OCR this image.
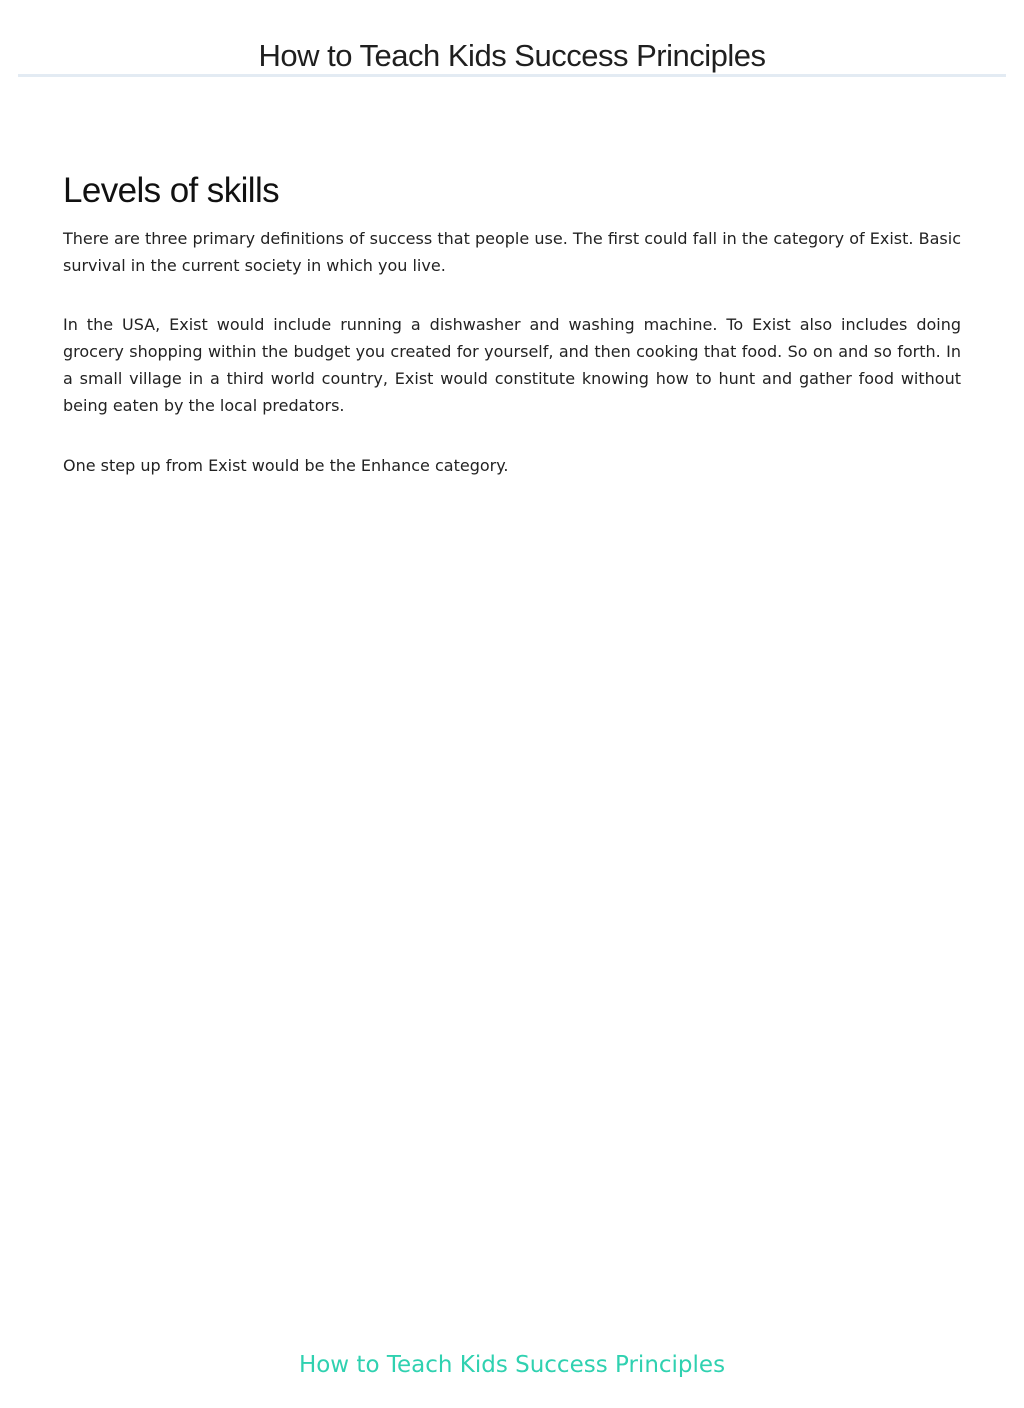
How to Teach Kids Success Principles
Levels of skills

There are three primary definitions of success that people use. The first could fall in the category of Exist. Basic survival in the current society in which you live.

In the USA, Exist would include running a dishwasher and washing machine. To Exist also includes doing grocery shopping within the budget you created for yourself, and then cooking that food. So on and so forth. In a small village in a third world country, Exist would constitute knowing how to hunt and gather food without being eaten by the local predators.

One step up from Exist would be the Enhance category.

How to Teach Kids Success Principles
